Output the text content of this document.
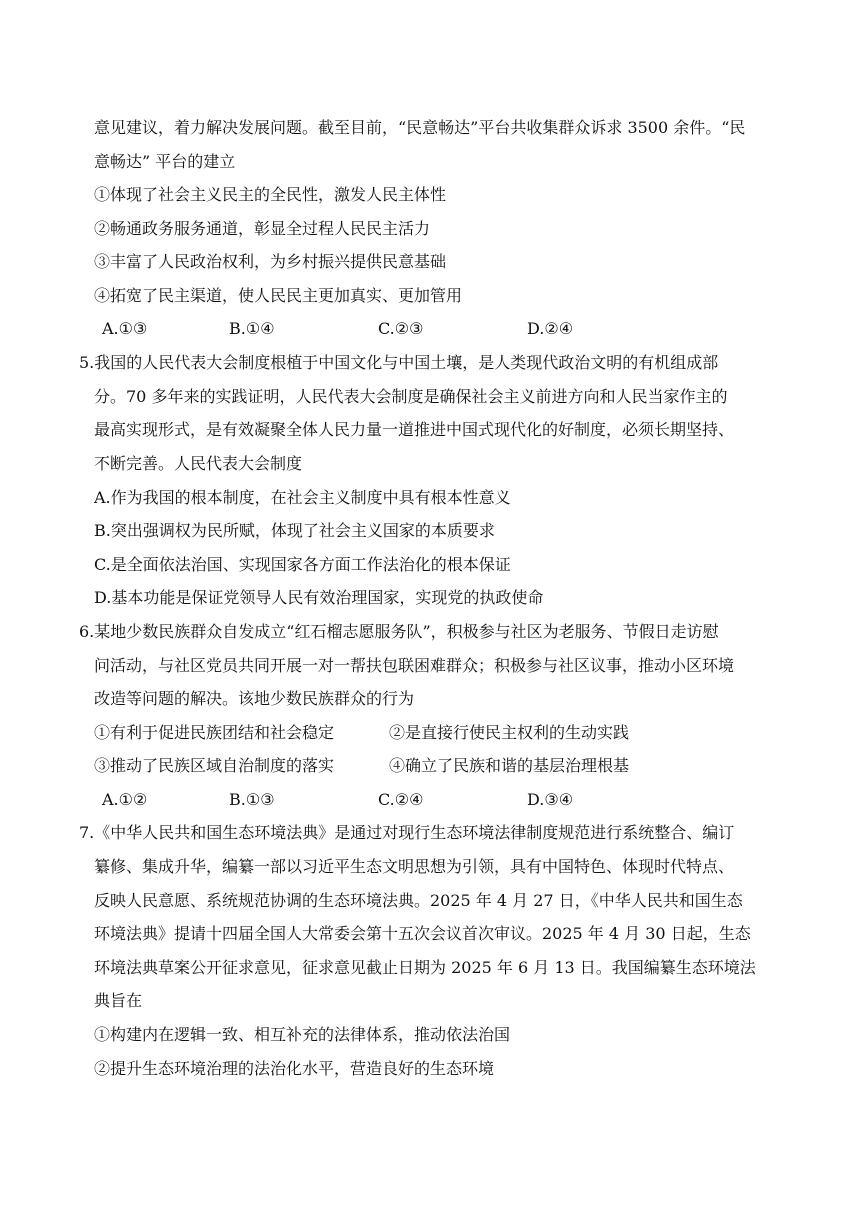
意见建议，着力解决发展问题。截至目前，“民意畅达”平台共收集群众诉求 3500 余件。“民
意畅达” 平台的建立
①体现了社会主义民主的全民性，激发人民主体性
②畅通政务服务通道，彰显全过程人民民主活力
③丰富了人民政治权利，为乡村振兴提供民意基础
④拓宽了民主渠道，使人民民主更加真实、更加管用
A.①③	B.①④	C.②③	D.②④
5.我国的人民代表大会制度根植于中国文化与中国土壤，是人类现代政治文明的有机组成部
分。70 多年来的实践证明，人民代表大会制度是确保社会主义前进方向和人民当家作主的
最高实现形式，是有效凝聚全体人民力量一道推进中国式现代化的好制度，必须长期坚持、
不断完善。人民代表大会制度
A.作为我国的根本制度，在社会主义制度中具有根本性意义
B.突出强调权为民所赋，体现了社会主义国家的本质要求
C.是全面依法治国、实现国家各方面工作法治化的根本保证
D.基本功能是保证党领导人民有效治理国家，实现党的执政使命
6.某地少数民族群众自发成立“红石榴志愿服务队”，积极参与社区为老服务、节假日走访慰
问活动，与社区党员共同开展一对一帮扶包联困难群众；积极参与社区议事，推动小区环境
改造等问题的解决。该地少数民族群众的行为
①有利于促进民族团结和社会稳定	②是直接行使民主权利的生动实践
③推动了民族区域自治制度的落实	④确立了民族和谐的基层治理根基
A.①②	B.①③	C.②④	D.③④
7.《中华人民共和国生态环境法典》是通过对现行生态环境法律制度规范进行系统整合、编订
纂修、集成升华，编纂一部以习近平生态文明思想为引领，具有中国特色、体现时代特点、
反映人民意愿、系统规范协调的生态环境法典。2025 年 4 月 27 日，《中华人民共和国生态
环境法典》提请十四届全国人大常委会第十五次会议首次审议。2025 年 4 月 30 日起，生态
环境法典草案公开征求意见，征求意见截止日期为 2025 年 6 月 13 日。我国编纂生态环境法
典旨在
①构建内在逻辑一致、相互补充的法律体系，推动依法治国
②提升生态环境治理的法治化水平，营造良好的生态环境
